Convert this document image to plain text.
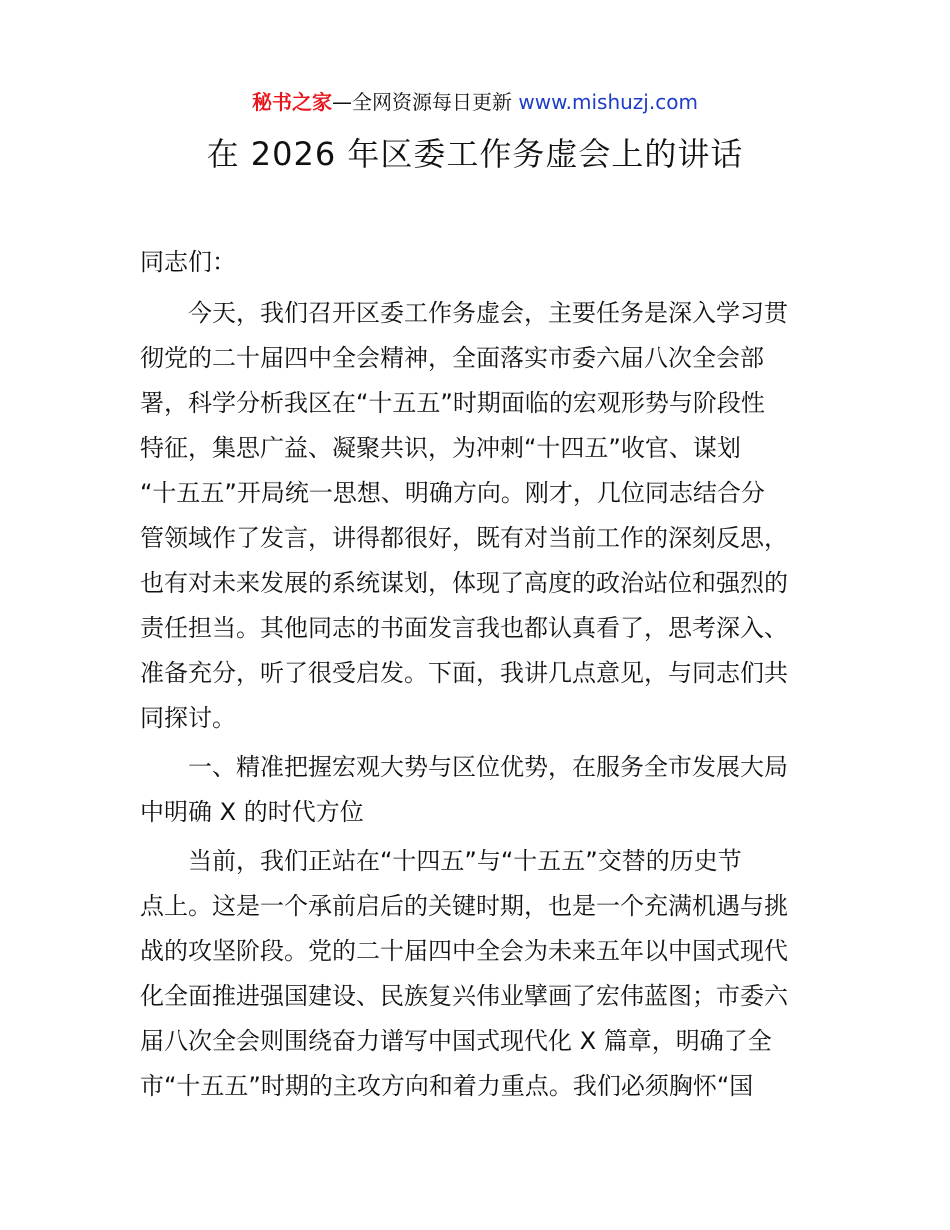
秘书之家—全网资源每日更新 www.mishuzj.com
在 2026 年区委工作务虚会上的讲话
同志们：
今天，我们召开区委工作务虚会，主要任务是深入学习贯
彻党的二十届四中全会精神，全面落实市委六届八次全会部
署，科学分析我区在“十五五”时期面临的宏观形势与阶段性
特征，集思广益、凝聚共识，为冲刺“十四五”收官、谋划
“十五五”开局统一思想、明确方向。刚才，几位同志结合分
管领域作了发言，讲得都很好，既有对当前工作的深刻反思，
也有对未来发展的系统谋划，体现了高度的政治站位和强烈的
责任担当。其他同志的书面发言我也都认真看了，思考深入、
准备充分，听了很受启发。下面，我讲几点意见，与同志们共
同探讨。
一、精准把握宏观大势与区位优势，在服务全市发展大局
中明确 X 的时代方位
当前，我们正站在“十四五”与“十五五”交替的历史节
点上。这是一个承前启后的关键时期，也是一个充满机遇与挑
战的攻坚阶段。党的二十届四中全会为未来五年以中国式现代
化全面推进强国建设、民族复兴伟业擘画了宏伟蓝图；市委六
届八次全会则围绕奋力谱写中国式现代化 X 篇章，明确了全
市“十五五”时期的主攻方向和着力重点。我们必须胸怀“国
